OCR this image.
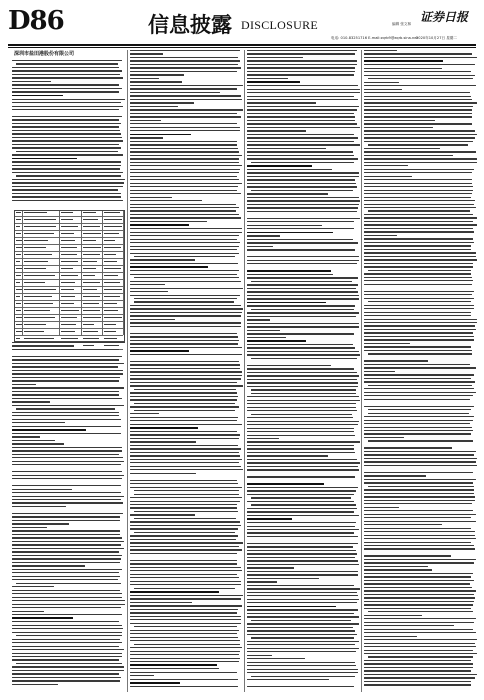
D86	信息披露 DISCLOSURE
证券日报
编辑 张文林
电话: 010-83251716 E-mail:zqrb9@zqrb.sina.net
2020年10月27日 星期二
深圳市盐田港股份有限公司
